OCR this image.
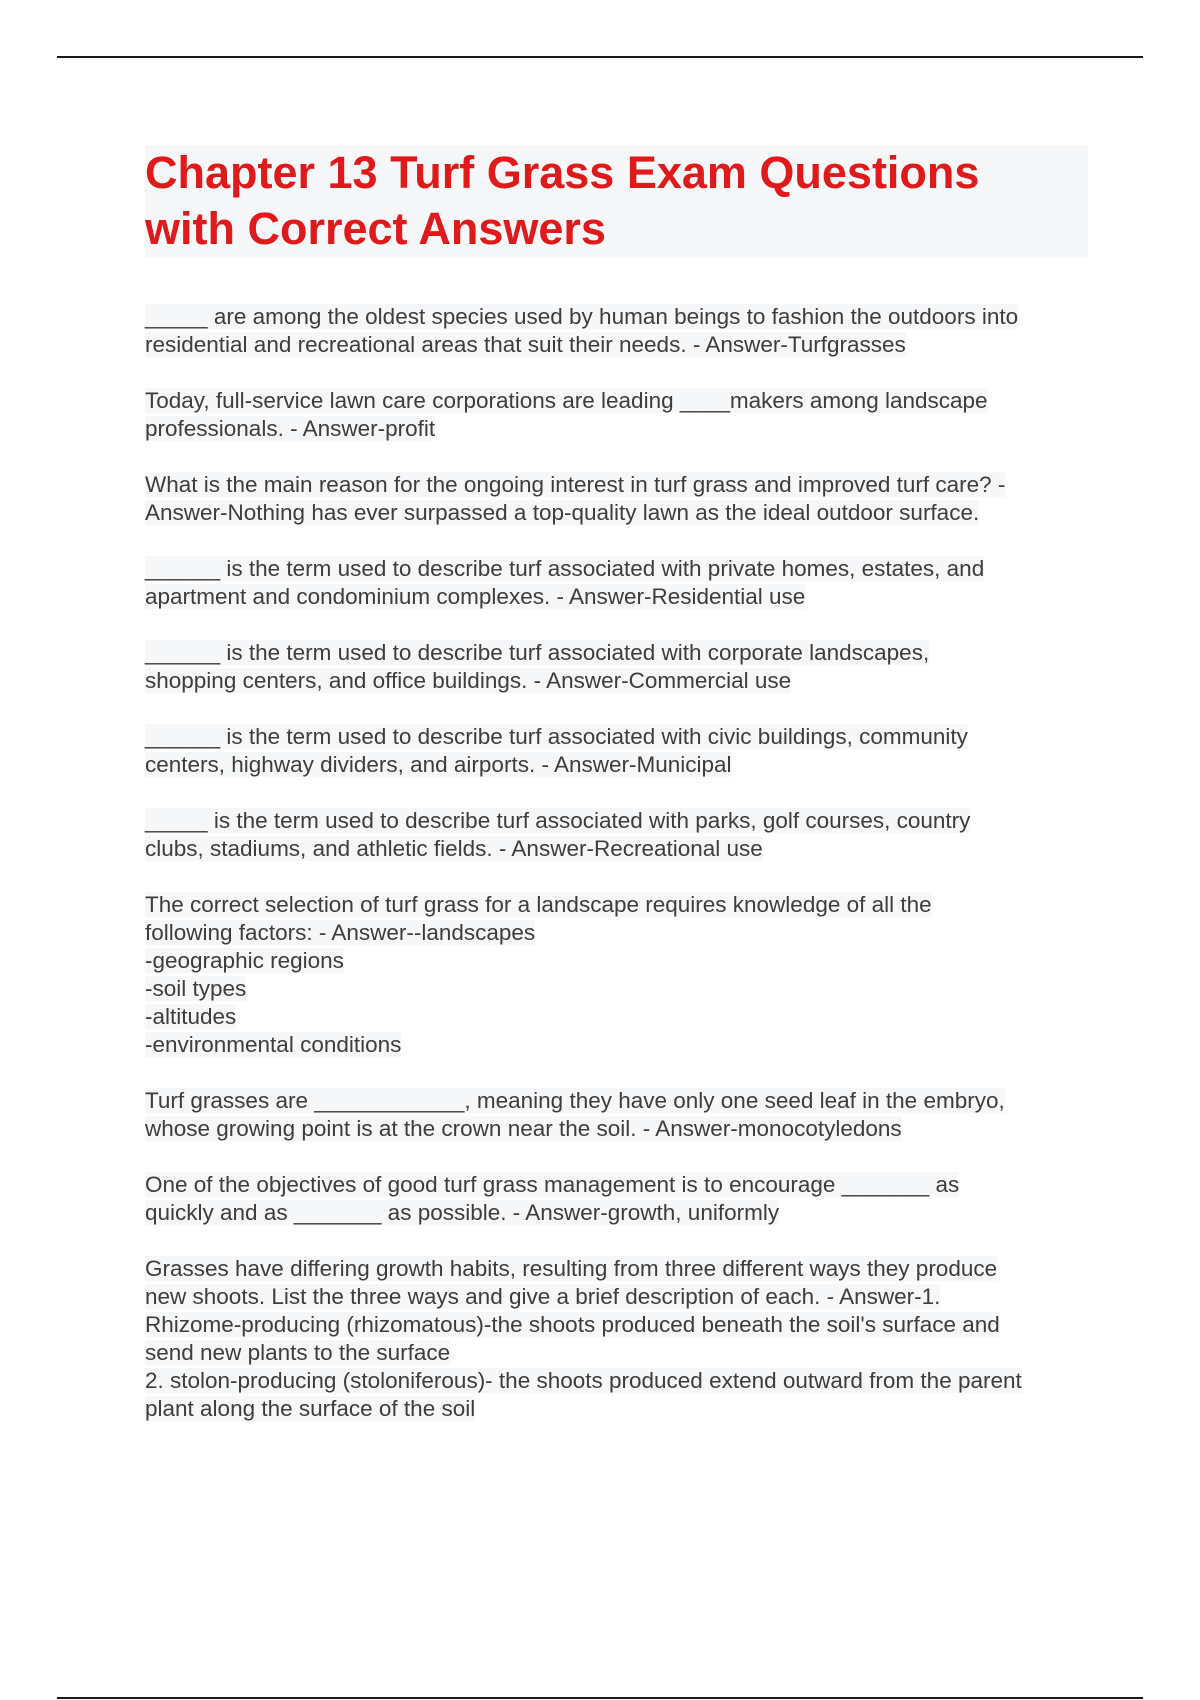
Chapter 13 Turf Grass Exam Questions
with Correct Answers

_____ are among the oldest species used by human beings to fashion the outdoors into
residential and recreational areas that suit their needs. - Answer-Turfgrasses

Today, full-service lawn care corporations are leading ____makers among landscape
professionals. - Answer-profit

What is the main reason for the ongoing interest in turf grass and improved turf care? -
Answer-Nothing has ever surpassed a top-quality lawn as the ideal outdoor surface.

______ is the term used to describe turf associated with private homes, estates, and
apartment and condominium complexes. - Answer-Residential use

______ is the term used to describe turf associated with corporate landscapes,
shopping centers, and office buildings. - Answer-Commercial use

______ is the term used to describe turf associated with civic buildings, community
centers, highway dividers, and airports. - Answer-Municipal

_____ is the term used to describe turf associated with parks, golf courses, country
clubs, stadiums, and athletic fields. - Answer-Recreational use

The correct selection of turf grass for a landscape requires knowledge of all the
following factors: - Answer--landscapes
-geographic regions
-soil types
-altitudes
-environmental conditions

Turf grasses are ____________, meaning they have only one seed leaf in the embryo,
whose growing point is at the crown near the soil. - Answer-monocotyledons

One of the objectives of good turf grass management is to encourage _______ as
quickly and as _______ as possible. - Answer-growth, uniformly

Grasses have differing growth habits, resulting from three different ways they produce
new shoots. List the three ways and give a brief description of each. - Answer-1.
Rhizome-producing (rhizomatous)-the shoots produced beneath the soil's surface and
send new plants to the surface
2. stolon-producing (stoloniferous)- the shoots produced extend outward from the parent
plant along the surface of the soil
